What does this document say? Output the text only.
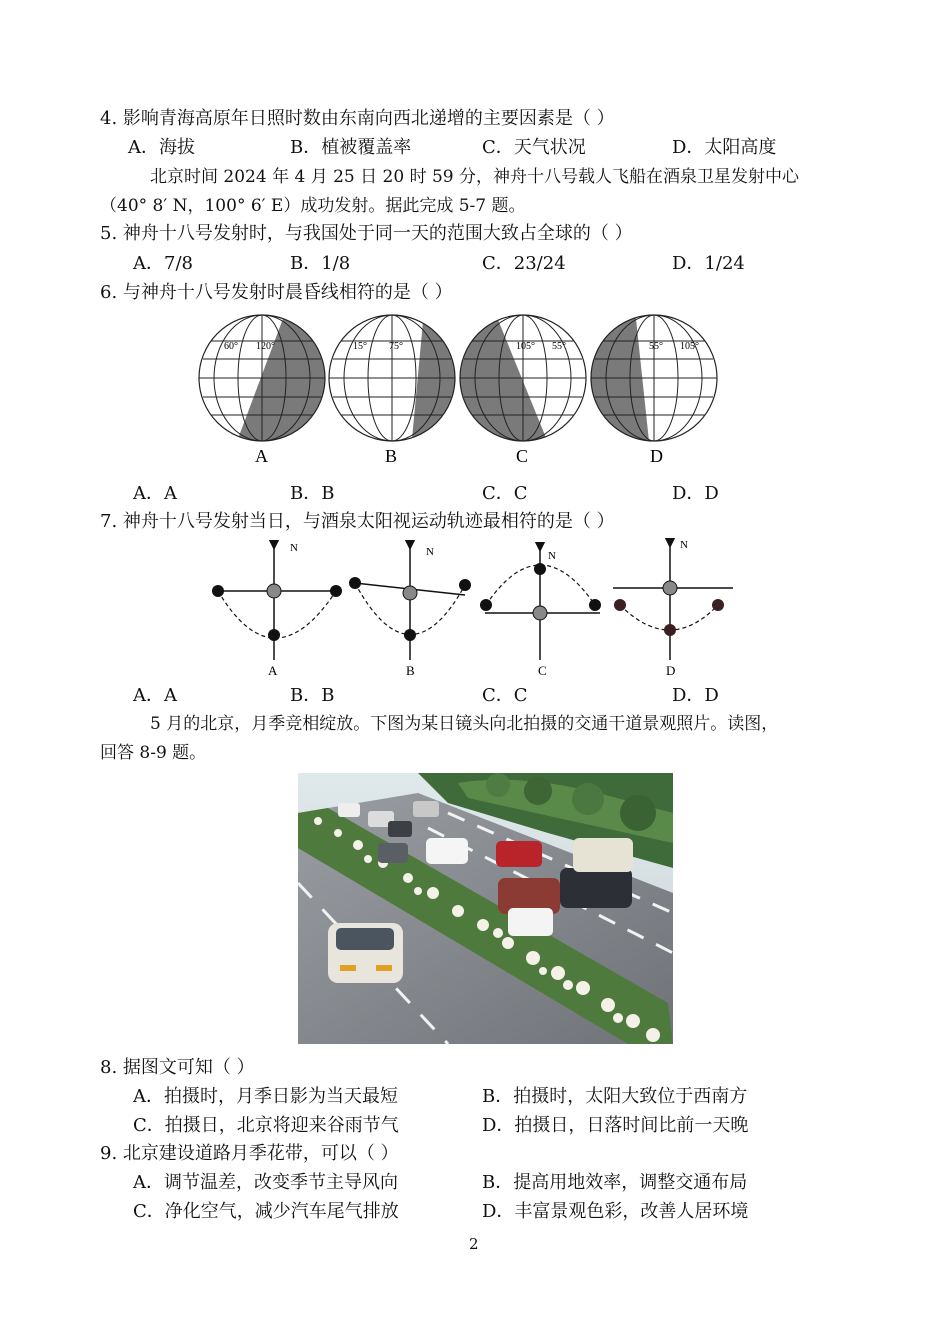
4. 影响青海高原年日照时数由东南向西北递增的主要因素是（ ）
A．海拔	B．植被覆盖率	C．天气状况	D．太阳高度
北京时间 2024 年 4 月 25 日 20 时 59 分，神舟十八号载人飞船在酒泉卫星发射中心
（40° 8′ N，100° 6′ E）成功发射。据此完成 5-7 题。
5. 神舟十八号发射时，与我国处于同一天的范围大致占全球的（ ）
A．7/8	B．1/8	C．23/24	D．1/24
6. 与神舟十八号发射时晨昏线相符的是（ ）
60° 120°
A
15° 75°
B
105° 55°
C
55° 105°
D
A．A	B．B	C．C	D．D
7. 神舟十八号发射当日，与酒泉太阳视运动轨迹最相符的是（ ）
N
A
N
B
N
C
N
D
A．A	B．B	C．C	D．D
5 月的北京，月季竞相绽放。下图为某日镜头向北拍摄的交通干道景观照片。读图，
回答 8-9 题。
8. 据图文可知（ ）
A．拍摄时，月季日影为当天最短	B．拍摄时，太阳大致位于西南方
C．拍摄日，北京将迎来谷雨节气	D．拍摄日，日落时间比前一天晚
9. 北京建设道路月季花带，可以（ ）
A．调节温差，改变季节主导风向	B．提高用地效率，调整交通布局
C．净化空气，减少汽车尾气排放	D．丰富景观色彩，改善人居环境
2
